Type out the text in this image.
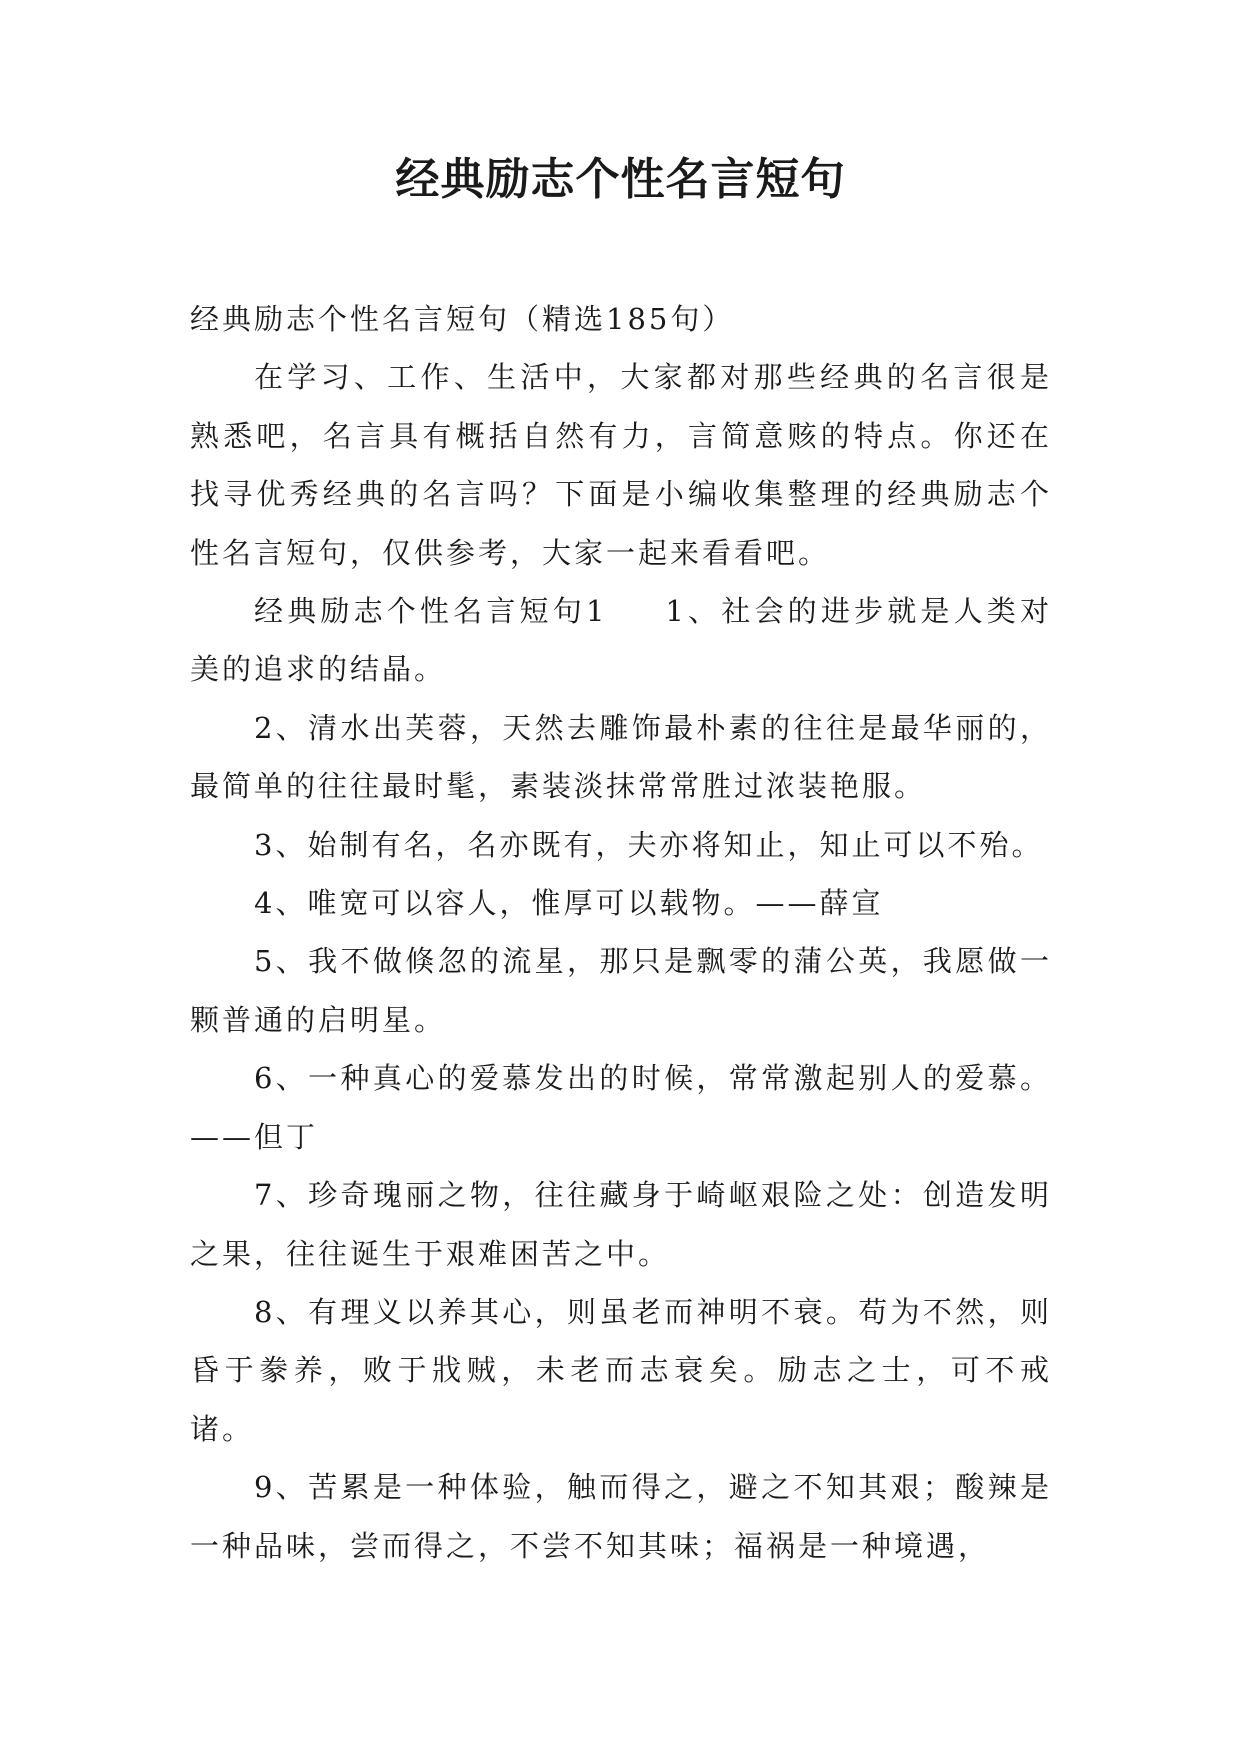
经典励志个性名言短句

经典励志个性名言短句（精选185句）

在学习、工作、生活中，大家都对那些经典的名言很是熟悉吧，名言具有概括自然有力，言简意赅的特点。你还在找寻优秀经典的名言吗？下面是小编收集整理的经典励志个性名言短句，仅供参考，大家一起来看看吧。

经典励志个性名言短句1 1、社会的进步就是人类对美的追求的结晶。

2、清水出芙蓉，天然去雕饰最朴素的往往是最华丽的，最简单的往往最时髦，素装淡抹常常胜过浓装艳服。

3、始制有名，名亦既有，夫亦将知止，知止可以不殆。

4、唯宽可以容人，惟厚可以载物。——薛宣

5、我不做倏忽的流星，那只是飘零的蒲公英，我愿做一颗普通的启明星。

6、一种真心的爱慕发出的时候，常常激起别人的爱慕。——但丁

7、珍奇瑰丽之物，往往藏身于崎岖艰险之处：创造发明之果，往往诞生于艰难困苦之中。

8、有理义以养其心，则虽老而神明不衰。苟为不然，则昏于豢养，败于戕贼，未老而志衰矣。励志之士，可不戒诸。

9、苦累是一种体验，触而得之，避之不知其艰；酸辣是一种品味，尝而得之，不尝不知其味；福祸是一种境遇，
